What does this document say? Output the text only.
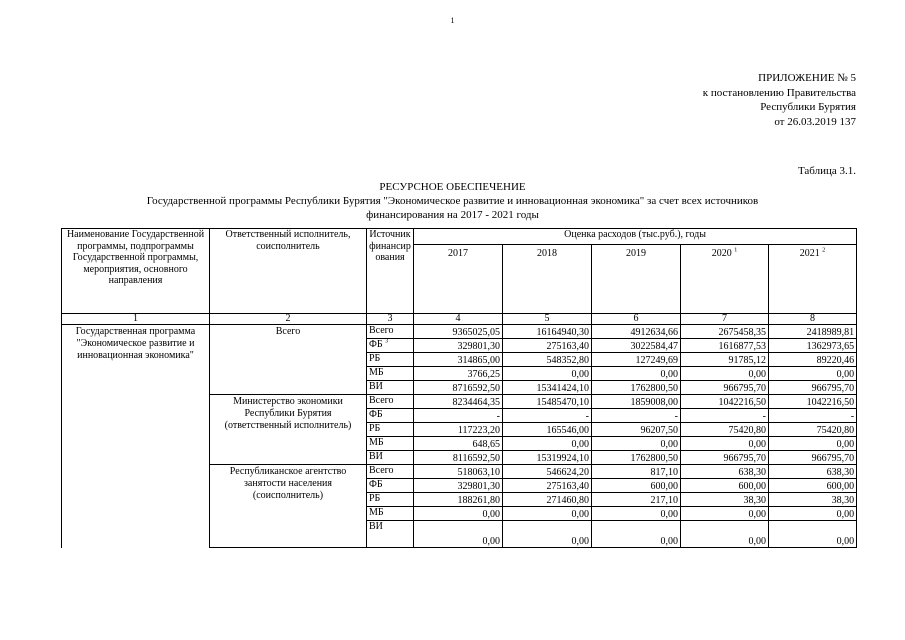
1
ПРИЛОЖЕНИЕ № 5
к постановлению Правительства
Республики Бурятия
от 26.03.2019 137
Таблица 3.1.
РЕСУРСНОЕ ОБЕСПЕЧЕНИЕ
Государственной программы Республики Бурятия "Экономическое развитие и инновационная экономика" за счет всех источников
финансирования на 2017 - 2021 годы
Наименование Государственной программы, подпрограммы Государственной программы, мероприятия, основного направления	Ответственный исполнитель, соисполнитель	Источник финансир ования	Оценка расходов (тыс.руб.), годы				
			2017	2018	2019	2020 $^1$	2021 $^2$
1	2	3	4	5	6	7	8
Государственная программа "Экономическое развитие и инновационная экономика"	Всего	Всего	9365025,05	16164940,30	4912634,66	2675458,35	2418989,81
		ФБ $^3$	329801,30	275163,40	3022584,47	1616877,53	1362973,65
		РБ	314865,00	548352,80	127249,69	91785,12	89220,46
		МБ	3766,25	0,00	0,00	0,00	0,00
		ВИ	8716592,50	15341424,10	1762800,50	966795,70	966795,70
	Министерство экономики Республики Бурятия (ответственный исполнитель)	Всего	8234464,35	15485470,10	1859008,00	1042216,50	1042216,50
		ФБ	-	-	-	-	-
		РБ	117223,20	165546,00	96207,50	75420,80	75420,80
		МБ	648,65	0,00	0,00	0,00	0,00
		ВИ	8116592,50	15319924,10	1762800,50	966795,70	966795,70
	Республиканское агентство занятости населения (соисполнитель)	Всего	518063,10	546624,20	817,10	638,30	638,30
		ФБ	329801,30	275163,40	600,00	600,00	600,00
		РБ	188261,80	271460,80	217,10	38,30	38,30
		МБ	0,00	0,00	0,00	0,00	0,00
		ВИ	0,00	0,00	0,00	0,00	0,00
